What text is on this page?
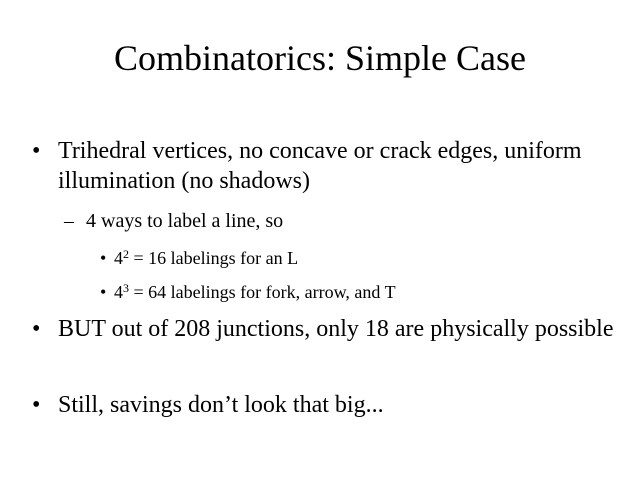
Combinatorics: Simple Case
• Trihedral vertices, no concave or crack edges, uniform illumination (no shadows)
– 4 ways to label a line, so
• $4^2 = 16$ labelings for an L
• $4^3 = 64$ labelings for fork, arrow, and T
• BUT out of 208 junctions, only 18 are physically possible
• Still, savings don’t look that big...
